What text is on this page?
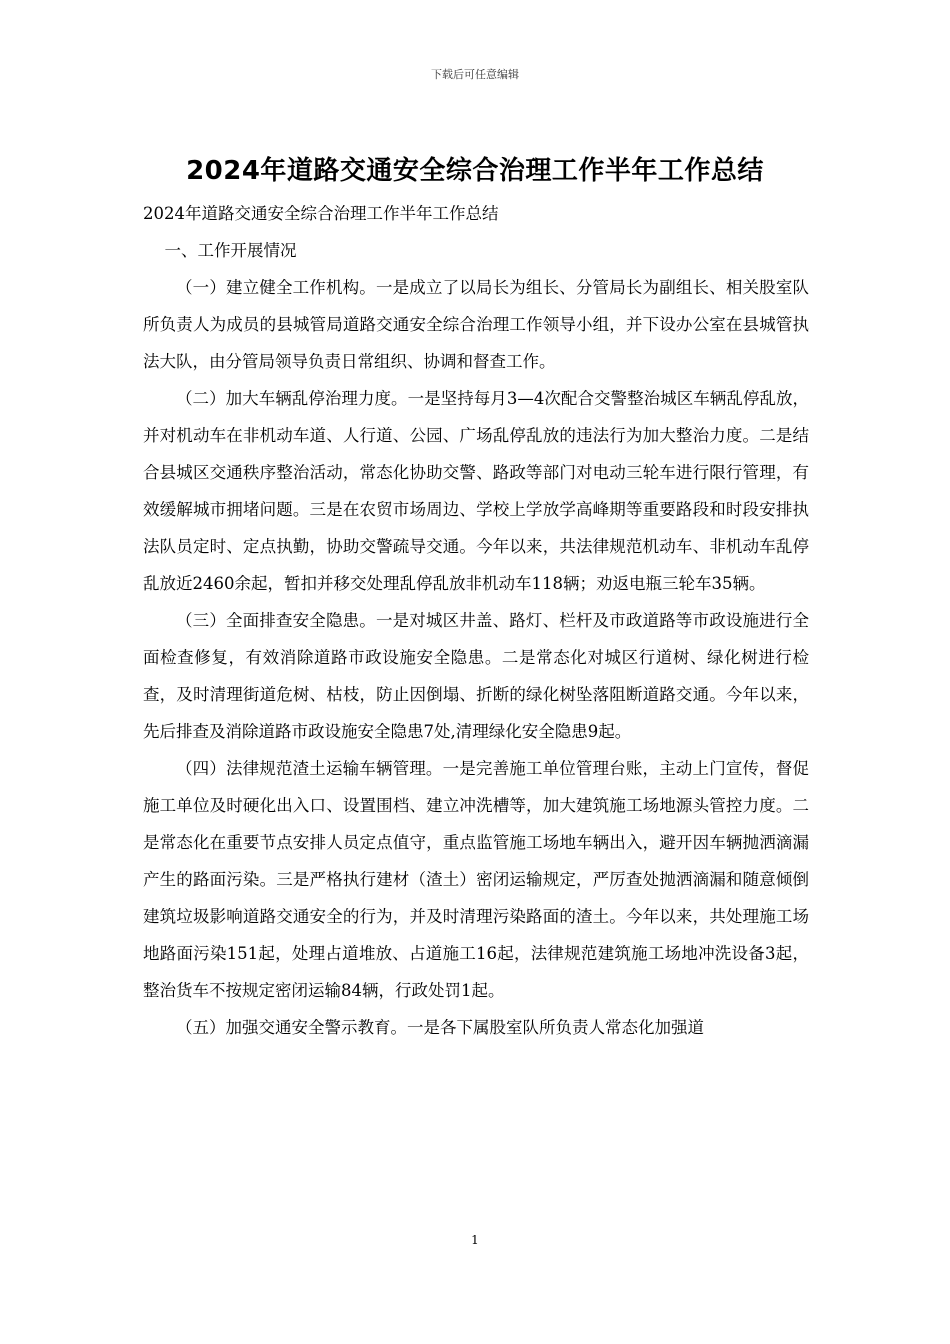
下载后可任意编辑
2024年道路交通安全综合治理工作半年工作总结

2024年道路交通安全综合治理工作半年工作总结

一、工作开展情况

（一）建立健全工作机构。一是成立了以局长为组长、分管局长为副组长、相关股室队所负责人为成员的县城管局道路交通安全综合治理工作领导小组，并下设办公室在县城管执法大队，由分管局领导负责日常组织、协调和督查工作。

（二）加大车辆乱停治理力度。一是坚持每月3—4次配合交警整治城区车辆乱停乱放，并对机动车在非机动车道、人行道、公园、广场乱停乱放的违法行为加大整治力度。二是结合县城区交通秩序整治活动，常态化协助交警、路政等部门对电动三轮车进行限行管理，有效缓解城市拥堵问题。三是在农贸市场周边、学校上学放学高峰期等重要路段和时段安排执法队员定时、定点执勤，协助交警疏导交通。今年以来，共法律规范机动车、非机动车乱停乱放近2460余起，暂扣并移交处理乱停乱放非机动车118辆；劝返电瓶三轮车35辆。

（三）全面排查安全隐患。一是对城区井盖、路灯、栏杆及市政道路等市政设施进行全面检查修复，有效消除道路市政设施安全隐患。二是常态化对城区行道树、绿化树进行检查，及时清理街道危树、枯枝，防止因倒塌、折断的绿化树坠落阻断道路交通。今年以来，先后排查及消除道路市政设施安全隐患7处,清理绿化安全隐患9起。

（四）法律规范渣土运输车辆管理。一是完善施工单位管理台账，主动上门宣传，督促施工单位及时硬化出入口、设置围档、建立冲洗槽等，加大建筑施工场地源头管控力度。二是常态化在重要节点安排人员定点值守，重点监管施工场地车辆出入，避开因车辆抛洒滴漏产生的路面污染。三是严格执行建材（渣土）密闭运输规定，严厉查处抛洒滴漏和随意倾倒建筑垃圾影响道路交通安全的行为，并及时清理污染路面的渣土。今年以来，共处理施工场地路面污染151起，处理占道堆放、占道施工16起，法律规范建筑施工场地冲洗设备3起，整治货车不按规定密闭运输84辆，行政处罚1起。

（五）加强交通安全警示教育。一是各下属股室队所负责人常态化加强道

1
